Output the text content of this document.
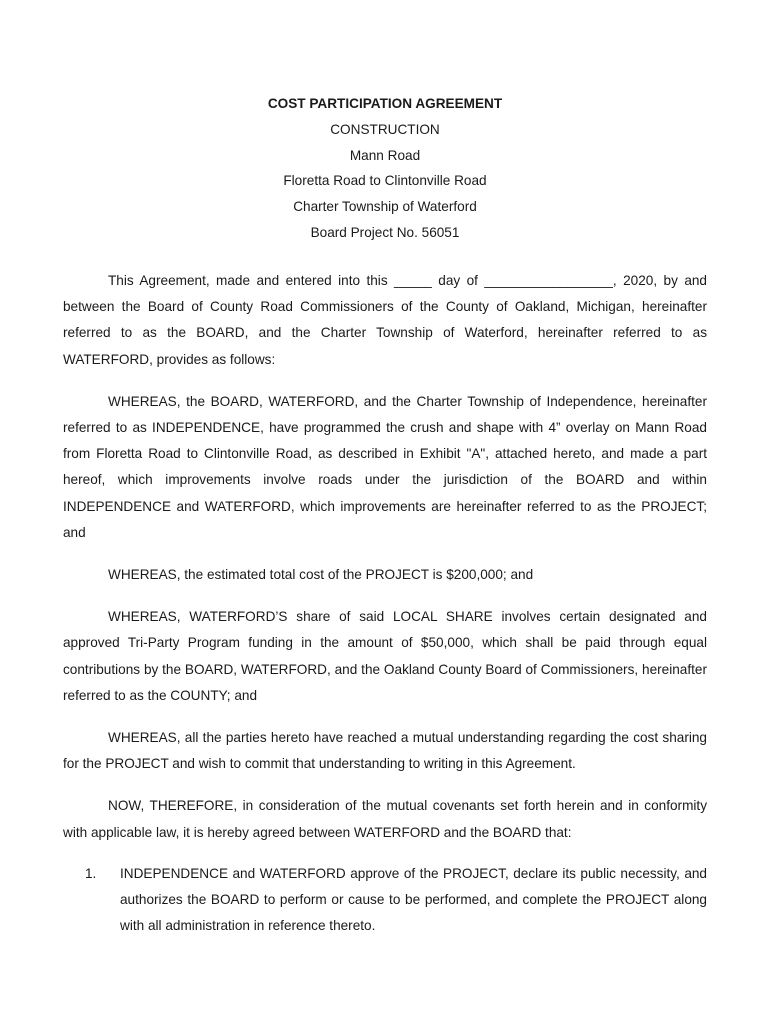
COST PARTICIPATION AGREEMENT
CONSTRUCTION
Mann Road
Floretta Road to Clintonville Road
Charter Township of Waterford
Board Project No. 56051

This Agreement, made and entered into this _____ day of _________________, 2020, by and between the Board of County Road Commissioners of the County of Oakland, Michigan, hereinafter referred to as the BOARD, and the Charter Township of Waterford, hereinafter referred to as WATERFORD, provides as follows:

WHEREAS, the BOARD, WATERFORD, and the Charter Township of Independence, hereinafter referred to as INDEPENDENCE, have programmed the crush and shape with 4” overlay on Mann Road from Floretta Road to Clintonville Road, as described in Exhibit "A", attached hereto, and made a part hereof, which improvements involve roads under the jurisdiction of the BOARD and within INDEPENDENCE and WATERFORD, which improvements are hereinafter referred to as the PROJECT; and

WHEREAS, the estimated total cost of the PROJECT is $200,000; and

WHEREAS, WATERFORD’S share of said LOCAL SHARE involves certain designated and approved Tri-Party Program funding in the amount of $50,000, which shall be paid through equal contributions by the BOARD, WATERFORD, and the Oakland County Board of Commissioners, hereinafter referred to as the COUNTY; and

WHEREAS, all the parties hereto have reached a mutual understanding regarding the cost sharing for the PROJECT and wish to commit that understanding to writing in this Agreement.

NOW, THEREFORE, in consideration of the mutual covenants set forth herein and in conformity with applicable law, it is hereby agreed between WATERFORD and the BOARD that:

1. INDEPENDENCE and WATERFORD approve of the PROJECT, declare its public necessity, and authorizes the BOARD to perform or cause to be performed, and complete the PROJECT along with all administration in reference thereto.
